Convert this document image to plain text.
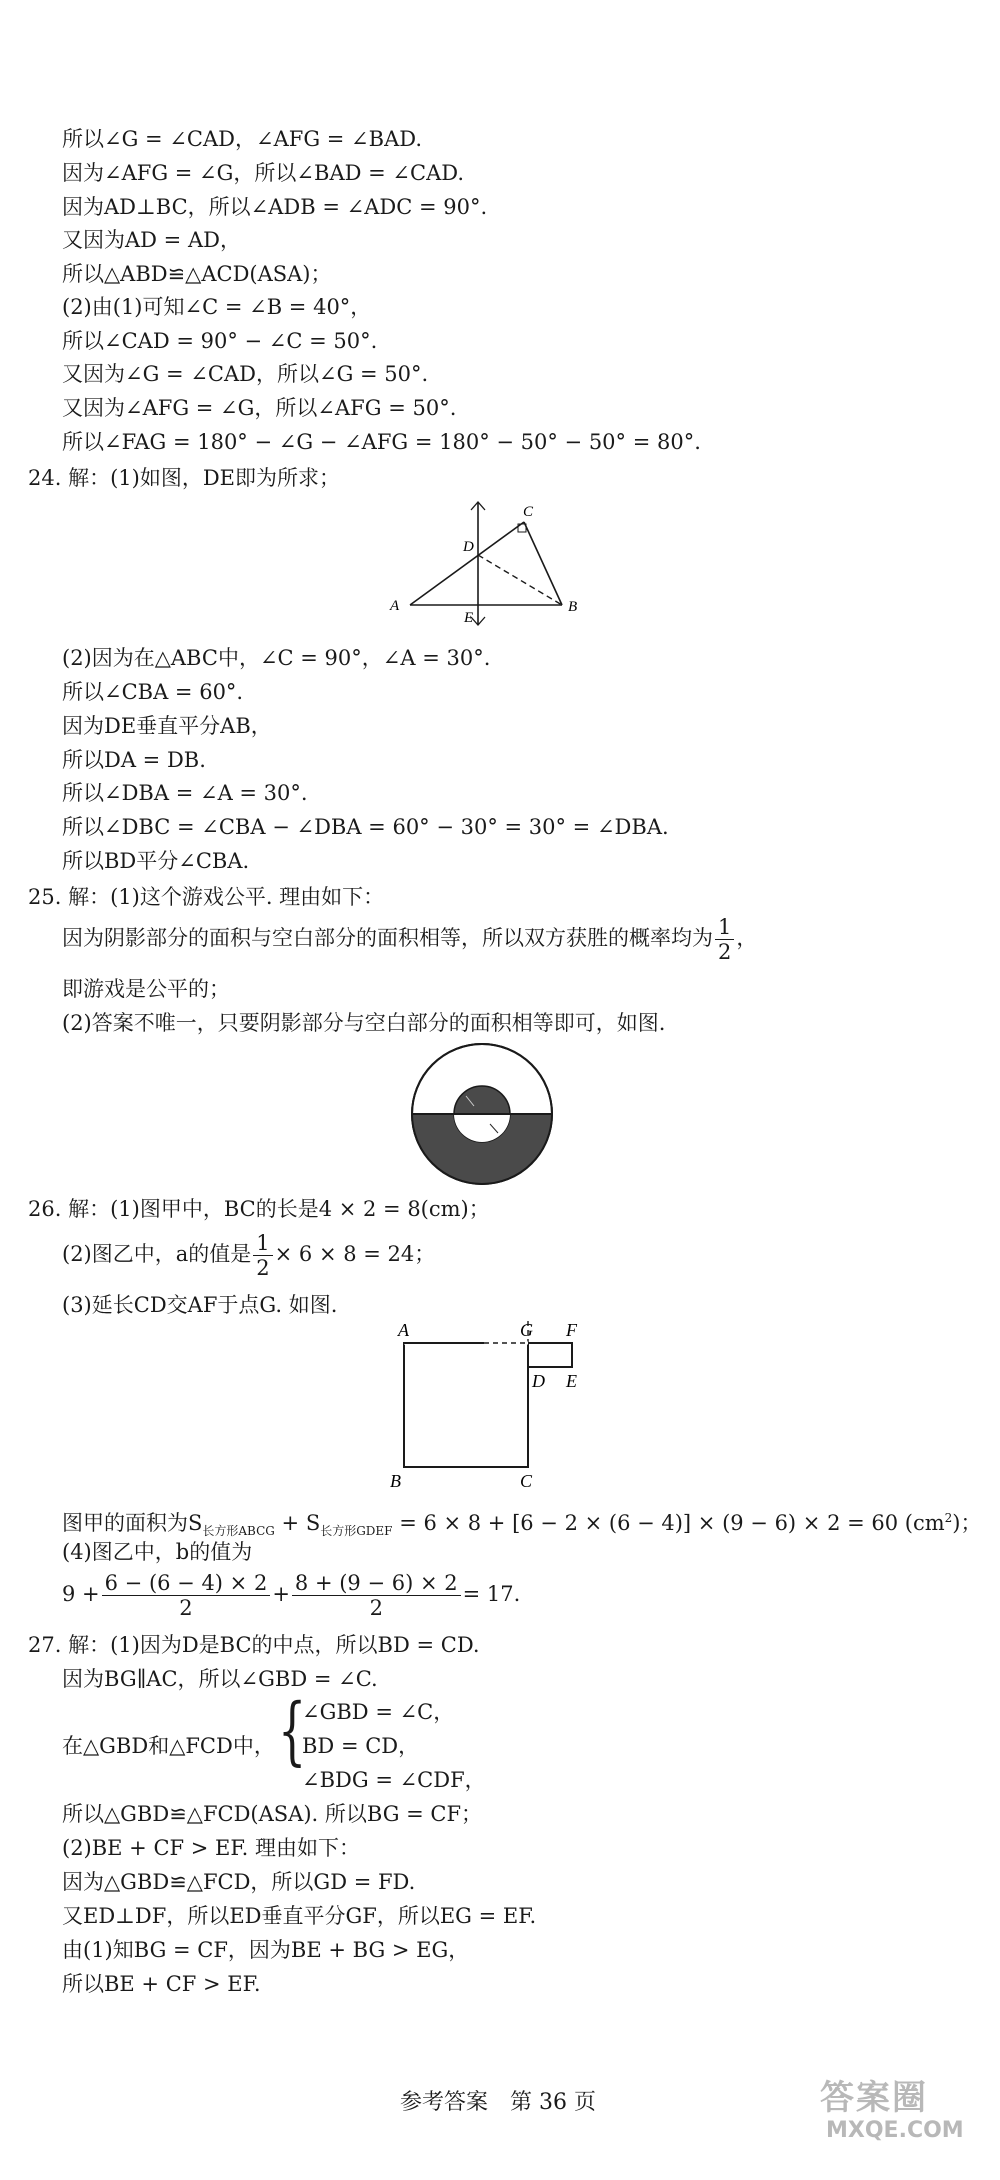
所以∠G = ∠CAD，∠AFG = ∠BAD.
因为∠AFG = ∠G，所以∠BAD = ∠CAD.
因为AD⊥BC，所以∠ADB = ∠ADC = 90°.
又因为AD = AD，
所以△ABD≌△ACD(ASA)；
(2)由(1)可知∠C = ∠B = 40°，
所以∠CAD = 90° − ∠C = 50°.
又因为∠G = ∠CAD，所以∠G = 50°.
又因为∠AFG = ∠G，所以∠AFG = 50°.
所以∠FAG = 180° − ∠G − ∠AFG = 180° − 50° − 50° = 80°.
24. 解：(1)如图，DE即为所求；
A	B
C
D
E
(2)因为在△ABC中，∠C = 90°，∠A = 30°.
所以∠CBA = 60°.
因为DE垂直平分AB，
所以DA = DB.
所以∠DBA = ∠A = 30°.
所以∠DBC = ∠CBA − ∠DBA = 60° − 30° = 30° = ∠DBA.
所以BD平分∠CBA.
25. 解：(1)这个游戏公平. 理由如下：
因为阴影部分的面积与空白部分的面积相等，所以双方获胜的概率均为 $\frac{1}{2}$ ，
即游戏是公平的；
(2)答案不唯一，只要阴影部分与空白部分的面积相等即可，如图.
26. 解：(1)图甲中，BC的长是4 × 2 = 8(cm)；
(2)图乙中，a的值是 $\frac{1}{2} \times 6 \times 8 = 24$；
(3)延长CD交AF于点G. 如图.
A	G F
D E
B	C
图甲的面积为$S_{长方形ABCG} + S_{长方形GDEF} = 6 \times 8 + [6 - 2 \times (6 - 4)] \times (9 - 6) \times 2 = 60$ $(cm^2)$；
(4)图乙中，b的值为
$9 + \frac{6 - (6 - 4) \times 2}{2} + \frac{8 + (9 - 6) \times 2}{2} = 17$.
27. 解：(1)因为D是BC的中点，所以BD = CD.
因为BG∥AC，所以∠GBD = ∠C.
在△GBD和△FCD中， {
∠GBD = ∠C，
BD = CD，
∠BDG = ∠CDF，
所以△GBD≌△FCD(ASA). 所以BG = CF；
(2)BE + CF > EF. 理由如下：
因为△GBD≌△FCD，所以GD = FD.
又ED⊥DF，所以ED垂直平分GF，所以EG = EF.
由(1)知BG = CF，因为BE + BG > EG，
所以BE + CF > EF.
参考答案　第 36 页	答案圈
MXQE.COM
